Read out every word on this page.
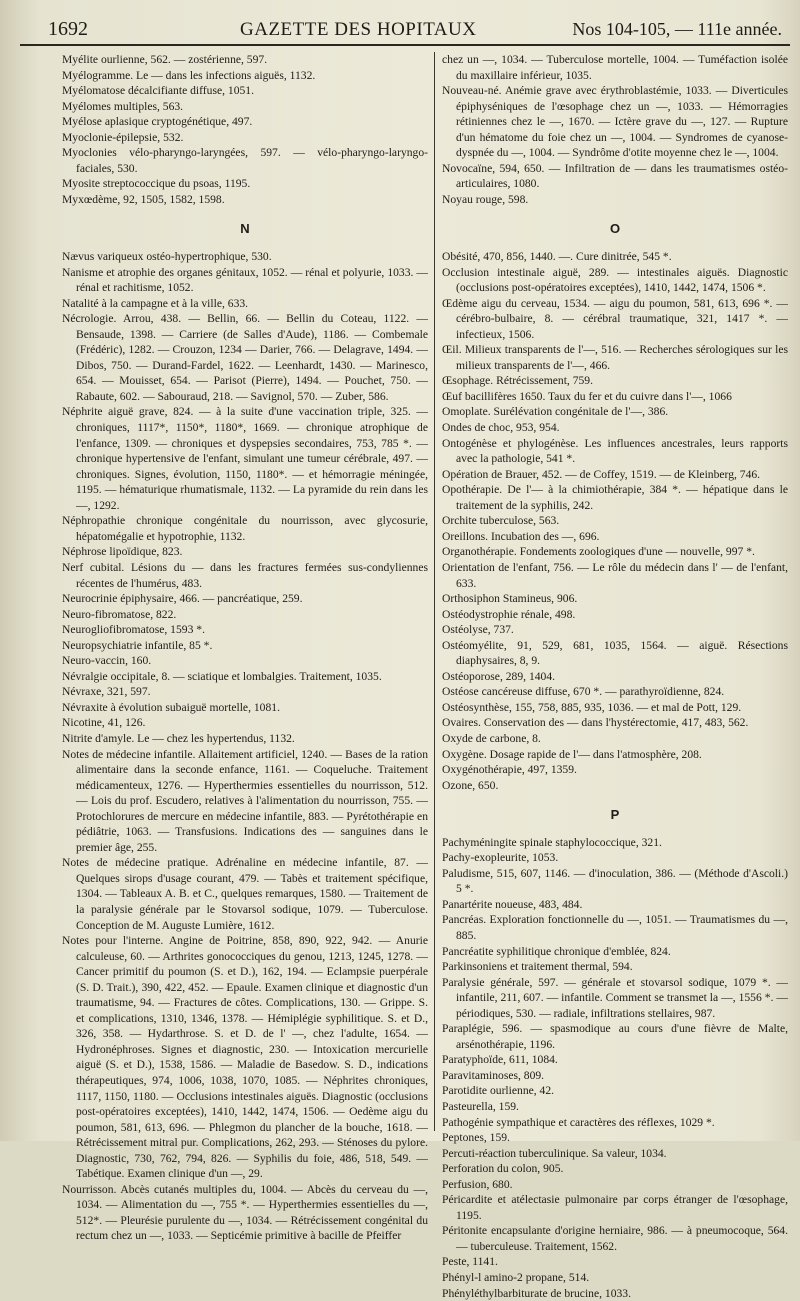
1692	GAZETTE DES HOPITAUX	Nos 104-105, — 111e année.

Myélite ourlienne, 562. — zostérienne, 597.

Myélogramme. Le — dans les infections aiguës, 1132.

Myélomatose décalcifiante diffuse, 1051.

Myélomes multiples, 563.

Myélose aplasique cryptogénétique, 497.

Myoclonie-épilepsie, 532.

Myoclonies vélo-pharyngo-laryngées, 597. — vélo-pharyngo-laryngo-faciales, 530.

Myosite streptococcique du psoas, 1195.

Myxœdème, 92, 1505, 1582, 1598.

N

Nævus variqueux ostéo-hypertrophique, 530.

Nanisme et atrophie des organes génitaux, 1052. — rénal et polyurie, 1033. — rénal et rachitisme, 1052.

Natalité à la campagne et à la ville, 633.

Nécrologie. Arrou, 438. — Bellin, 66. — Bellin du Coteau, 1122. — Bensaude, 1398. — Carriere (de Salles d'Aude), 1186. — Combemale (Frédéric), 1282. — Crouzon, 1234 — Darier, 766. — Delagrave, 1494. — Dibos, 750. — Durand-Fardel, 1622. — Leenhardt, 1430. — Marinesco, 654. — Mouisset, 654. — Parisot (Pierre), 1494. — Pouchet, 750. — Rabaute, 602. — Sabouraud, 218. — Savignol, 570. — Zuber, 586.

Néphrite aiguë grave, 824. — à la suite d'une vaccination triple, 325. — chroniques, 1117*, 1150*, 1180*, 1669. — chronique atrophique de l'enfance, 1309. — chroniques et dyspepsies secondaires, 753, 785 *. — chronique hypertensive de l'enfant, simulant une tumeur cérébrale, 497. — chroniques. Signes, évolution, 1150, 1180*. — et hémorragie méningée, 1195. — hématurique rhumatismale, 1132. — La pyramide du rein dans les —, 1292.

Néphropathie chronique congénitale du nourrisson, avec glycosurie, hépatomégalie et hypotrophie, 1132.

Néphrose lipoïdique, 823.

Nerf cubital. Lésions du — dans les fractures fermées sus-condyliennes récentes de l'humérus, 483.

Neurocrinie épiphysaire, 466. — pancréatique, 259.

Neuro-fibromatose, 822.

Neurogliofibromatose, 1593 *.

Neuropsychiatrie infantile, 85 *.

Neuro-vaccin, 160.

Névralgie occipitale, 8. — sciatique et lombalgies. Traitement, 1035.

Névraxe, 321, 597.

Névraxite à évolution subaiguë mortelle, 1081.

Nicotine, 41, 126.

Nitrite d'amyle. Le — chez les hypertendus, 1132.

Notes de médecine infantile. Allaitement artificiel, 1240. — Bases de la ration alimentaire dans la seconde enfance, 1161. — Coqueluche. Traitement médicamenteux, 1276. — Hyperthermies essentielles du nourrisson, 512. — Lois du prof. Escudero, relatives à l'alimentation du nourrisson, 755. — Protochlorures de mercure en médecine infantile, 883. — Pyrétothérapie en pédiâtrie, 1063. — Transfusions. Indications des — sanguines dans le premier âge, 255.

Notes de médecine pratique. Adrénaline en médecine infantile, 87. — Quelques sirops d'usage courant, 479. — Tabès et traitement spécifique, 1304. — Tableaux A. B. et C., quelques remarques, 1580. — Traitement de la paralysie générale par le Stovarsol sodique, 1079. — Tuberculose. Conception de M. Auguste Lumière, 1612.

Notes pour l'interne. Angine de Poitrine, 858, 890, 922, 942. — Anurie calculeuse, 60. — Arthrites gonococciques du genou, 1213, 1245, 1278. — Cancer primitif du poumon (S. et D.), 162, 194. — Eclampsie puerpérale (S. D. Trait.), 390, 422, 452. — Epaule. Examen clinique et diagnostic d'un traumatisme, 94. — Fractures de côtes. Complications, 130. — Grippe. S. et complications, 1310, 1346, 1378. — Hémiplégie syphilitique. S. et D., 326, 358. — Hydarthrose. S. et D. de l' —, chez l'adulte, 1654. — Hydronéphroses. Signes et diagnostic, 230. — Intoxication mercurielle aiguë (S. et D.), 1538, 1586. — Maladie de Basedow. S. D., indications thérapeutiques, 974, 1006, 1038, 1070, 1085. — Néphrites chroniques, 1117, 1150, 1180. — Occlusions intestinales aiguës. Diagnostic (occlusions post-opératoires exceptées), 1410, 1442, 1474, 1506. — Oedème aigu du poumon, 581, 613, 696. — Phlegmon du plancher de la bouche, 1618. — Rétrécissement mitral pur. Complications, 262, 293. — Sténoses du pylore. Diagnostic, 730, 762, 794, 826. — Syphilis du foie, 486, 518, 549. — Tabétique. Examen clinique d'un —, 29.

Nourrisson. Abcès cutanés multiples du, 1004. — Abcès du cerveau du —, 1034. — Alimentation du —, 755 *. — Hyperthermies essentielles du —, 512*. — Pleurésie purulente du —, 1034. — Rétrécissement congénital du rectum chez un —, 1033. — Septicémie primitive à bacille de Pfeiffer

chez un —, 1034. — Tuberculose mortelle, 1004. — Tuméfaction isolée du maxillaire inférieur, 1035.

Nouveau-né. Anémie grave avec érythroblastémie, 1033. — Diverticules épiphyséniques de l'œsophage chez un —, 1033. — Hémorragies rétiniennes chez le —, 1670. — Ictère grave du —, 127. — Rupture d'un hématome du foie chez un —, 1004. — Syndromes de cyanose-dyspnée du —, 1004. — Syndrôme d'otite moyenne chez le —, 1004.

Novocaïne, 594, 650. — Infiltration de — dans les traumatismes ostéo-articulaires, 1080.

Noyau rouge, 598.

O

Obésité, 470, 856, 1440. —. Cure dinitrée, 545 *.

Occlusion intestinale aiguë, 289. — intestinales aiguës. Diagnostic (occlusions post-opératoires exceptées), 1410, 1442, 1474, 1506 *.

Œdème aigu du cerveau, 1534. — aigu du poumon, 581, 613, 696 *. — cérébro-bulbaire, 8. — cérébral traumatique, 321, 1417 *. — infectieux, 1506.

Œil. Milieux transparents de l'—, 516. — Recherches sérologiques sur les milieux transparents de l'—, 466.

Œsophage. Rétrécissement, 759.

Œuf bacillifères 1650. Taux du fer et du cuivre dans l'—, 1066

Omoplate. Surélévation congénitale de l'—, 386.

Ondes de choc, 953, 954.

Ontogénèse et phylogénèse. Les influences ancestrales, leurs rapports avec la pathologie, 541 *.

Opération de Brauer, 452. — de Coffey, 1519. — de Kleinberg, 746.

Opothérapie. De l'— à la chimiothérapie, 384 *. — hépatique dans le traitement de la syphilis, 242.

Orchite tuberculose, 563.

Oreillons. Incubation des —, 696.

Organothérapie. Fondements zoologiques d'une — nouvelle, 997 *.

Orientation de l'enfant, 756. — Le rôle du médecin dans l' — de l'enfant, 633.

Orthosiphon Stamineus, 906.

Ostéodystrophie rénale, 498.

Ostéolyse, 737.

Ostéomyélite, 91, 529, 681, 1035, 1564. — aiguë. Résections diaphysaires, 8, 9.

Ostéoporose, 289, 1404.

Ostéose cancéreuse diffuse, 670 *. — parathyroïdienne, 824.

Ostéosynthèse, 155, 758, 885, 935, 1036. — et mal de Pott, 129.

Ovaires. Conservation des — dans l'hystérectomie, 417, 483, 562.

Oxyde de carbone, 8.

Oxygène. Dosage rapide de l'— dans l'atmosphère, 208.

Oxygénothérapie, 497, 1359.

Ozone, 650.

P

Pachyméningite spinale staphylococcique, 321.

Pachy-exopleurite, 1053.

Paludisme, 515, 607, 1146. — d'inoculation, 386. — (Méthode d'Ascoli.) 5 *.

Panartérite noueuse, 483, 484.

Pancréas. Exploration fonctionnelle du —, 1051. — Traumatismes du —, 885.

Pancréatite syphilitique chronique d'emblée, 824.

Parkinsoniens et traitement thermal, 594.

Paralysie générale, 597. — générale et stovarsol sodique, 1079 *. — infantile, 211, 607. — infantile. Comment se transmet la —, 1556 *. — périodiques, 530. — radiale, infiltrations stellaires, 987.

Paraplégie, 596. — spasmodique au cours d'une fièvre de Malte, arsénothérapie, 1196.

Paratyphoïde, 611, 1084.

Paravitaminoses, 809.

Parotidite ourlienne, 42.

Pasteurella, 159.

Pathogénie sympathique et caractères des réflexes, 1029 *.

Peptones, 159.

Percuti-réaction tuberculinique. Sa valeur, 1034.

Perforation du colon, 905.

Perfusion, 680.

Péricardite et atélectasie pulmonaire par corps étranger de l'œsophage, 1195.

Péritonite encapsulante d'origine herniaire, 986. — à pneumocoque, 564. — tuberculeuse. Traitement, 1562.

Peste, 1141.

Phényl-l amino-2 propane, 514.

Phényléthylbarbiturate de brucine, 1033.
